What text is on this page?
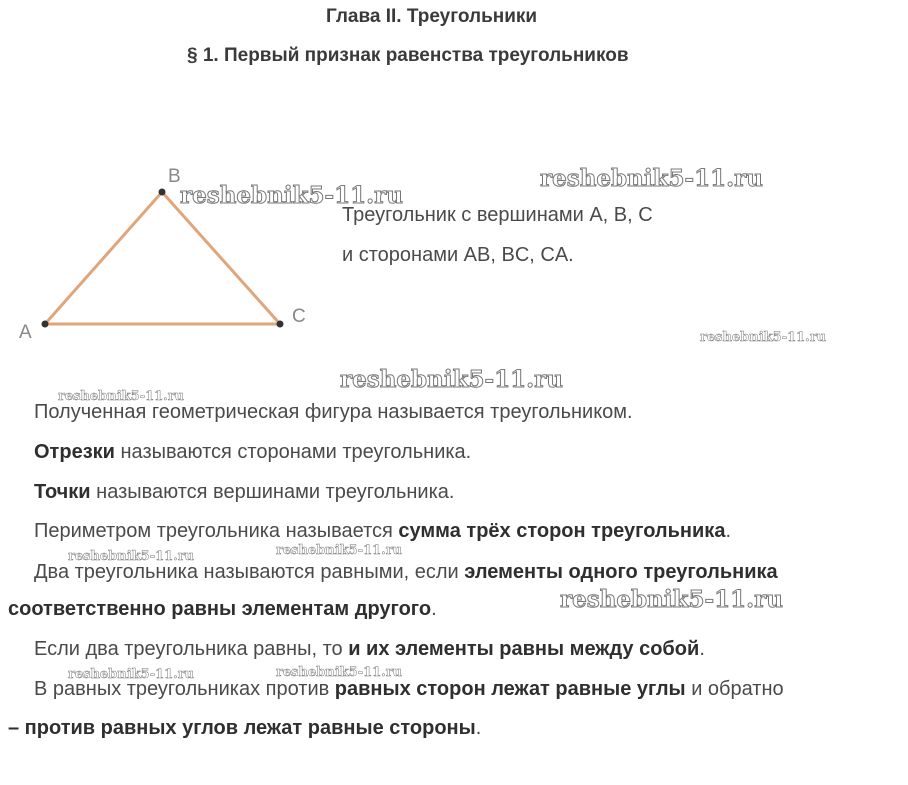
Глава II. Треугольники
§ 1. Первый признак равенства треугольников
A
B
C
Треугольник с вершинами A, B, C
и сторонами AB, BC, CA.
Полученная геометрическая фигура называется треугольником.
Отрезки называются сторонами треугольника.
Точки называются вершинами треугольника.
Периметром треугольника называется сумма трёх сторон треугольника.
Два треугольника называются равными, если элементы одного треугольника
соответственно равны элементам другого.
Если два треугольника равны, то и их элементы равны между собой.
В равных треугольниках против равных сторон лежат равные углы и обратно
– против равных углов лежат равные стороны.
reshebnik5-11.ru
reshebnik5-11.ru
reshebnik5-11.ru
reshebnik5-11.ru
reshebnik5-11.ru
reshebnik5-11.ru	reshebnik5-11.ru
reshebnik5-11.ru
reshebnik5-11.ru	reshebnik5-11.ru
